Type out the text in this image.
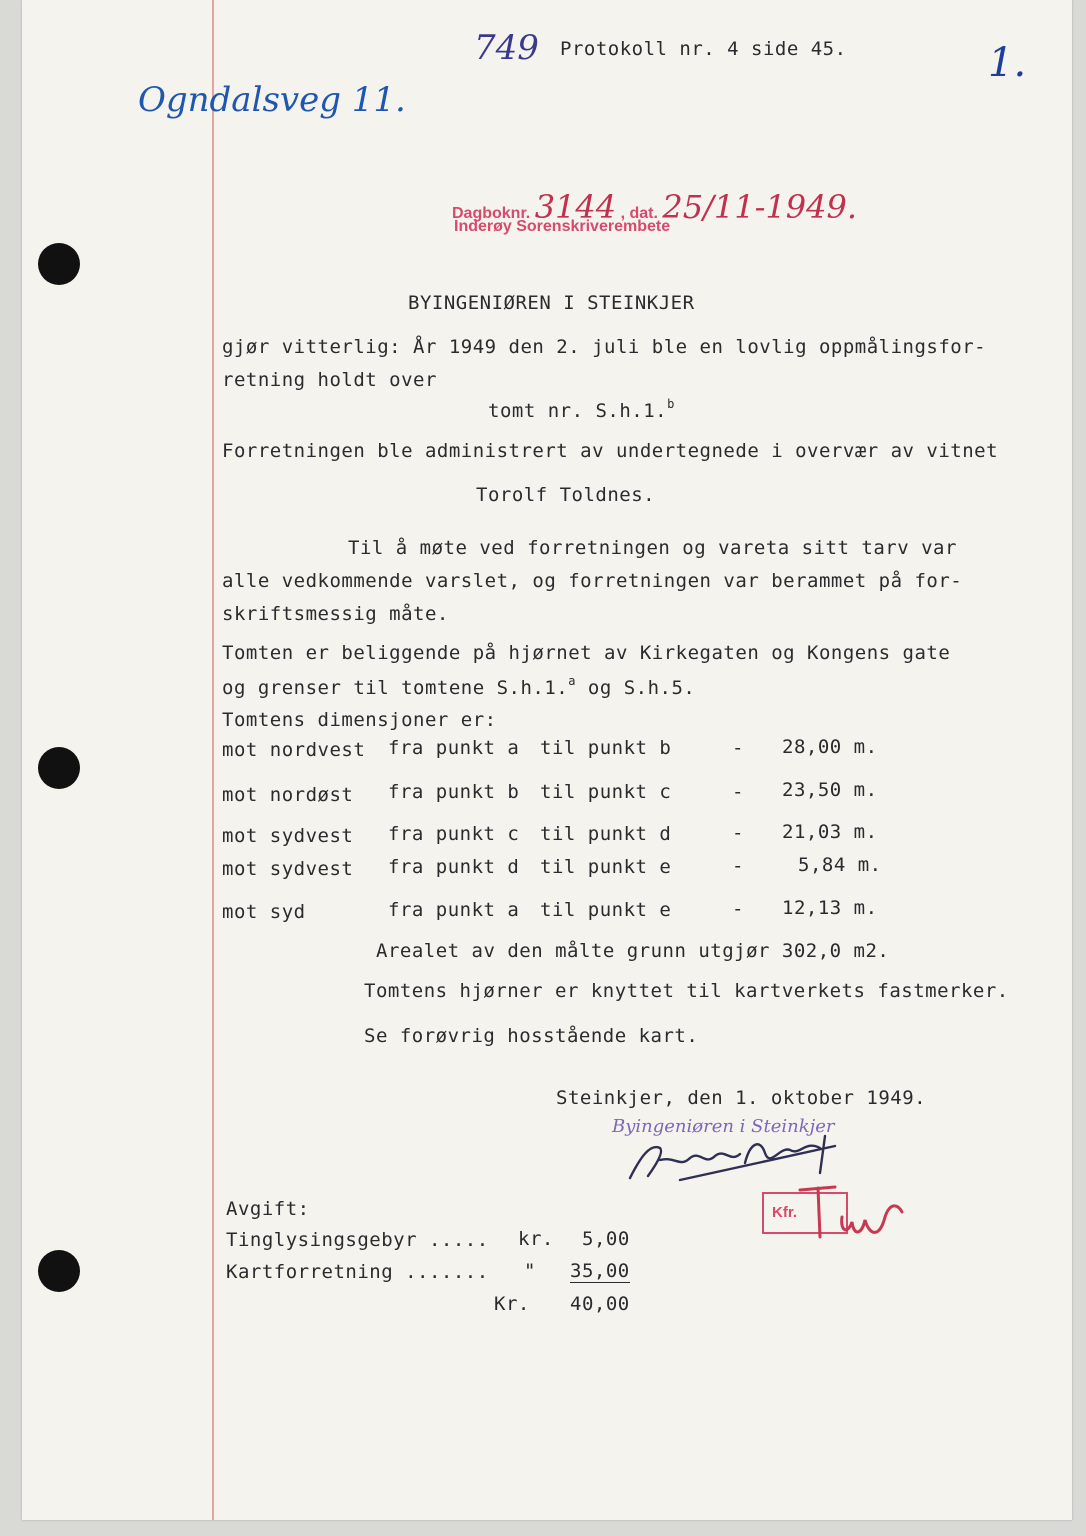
749 Protokoll nr. 4 side 45.	1.
Ogndalsveg 11.
Dagboknr. 3144 , dat. 25/11-1949.
Inderøy Sorenskriverembete
BYINGENIØREN I STEINKJER
gjør vitterlig: År 1949 den 2. juli ble en lovlig oppmålingsfor-
retning holdt over
tomt nr. S.h.1.$^b$
Forretningen ble administrert av undertegnede i overvær av vitnet
Torolf Toldnes.
Til å møte ved forretningen og vareta sitt tarv var
alle vedkommende varslet, og forretningen var berammet på for-
skriftsmessig måte.
Tomten er beliggende på hjørnet av Kirkegaten og Kongens gate
og grenser til tomtene S.h.1.$^a$ og S.h.5.
Tomtens dimensjoner er:
mot nordvest fra punkt a til punkt b	- 28,00 m.
mot nordøst fra punkt b til punkt c	- 23,50 m.
mot sydvest fra punkt c til punkt d	- 21,03 m.
mot sydvest fra punkt d til punkt e	-	5,84 m.
mot syd	fra punkt a til punkt e	- 12,13 m.
Arealet av den målte grunn utgjør 302,0 m2.
Tomtens hjørner er knyttet til kartverkets fastmerker.
Se forøvrig hosstående kart.
Steinkjer, den 1. oktober 1949.
Byingeniøren i Steinkjer
Kfr.
Avgift:
Tinglysingsgebyr ..... kr. 5,00
Kartforretning ....... " 35,00
Kr. 40,00
